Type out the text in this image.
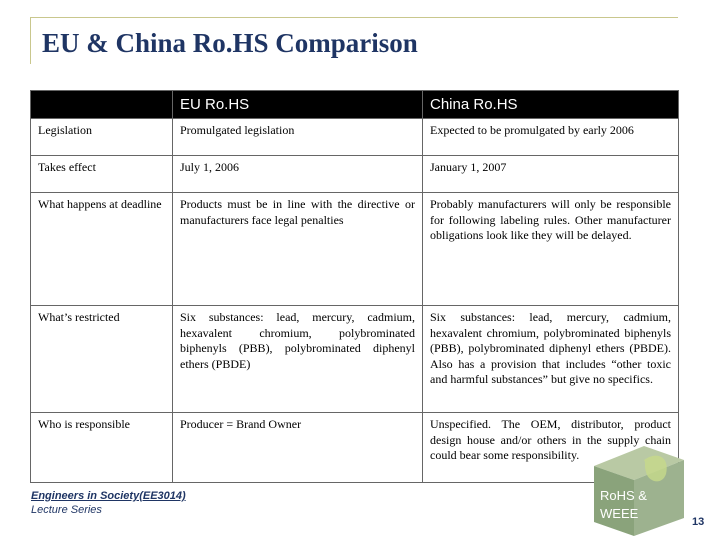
EU & China Ro.HS Comparison
	EU Ro.HS	China Ro.HS
Legislation	Promulgated legislation	Expected to be promulgated by early 2006
Takes effect	July 1, 2006	January 1, 2007
What happens at deadline	Products must be in line with the directive or manufacturers face legal penalties	Probably manufacturers will only be responsible for following labeling rules. Other manufacturer obligations look like they will be delayed.
What’s restricted	Six substances: lead, mercury, cadmium, hexavalent chromium, polybrominated biphenyls (PBB), polybrominated diphenyl ethers (PBDE)	Six substances: lead, mercury, cadmium, hexavalent chromium, polybrominated biphenyls (PBB), polybrominated diphenyl ethers (PBDE). Also has a provision that includes “other toxic and harmful substances” but give no specifics.
Who is responsible	Producer = Brand Owner	Unspecified. The OEM, distributor, product design house and/or others in the supply chain could bear some responsibility.
Engineers in Society(EE3014)
Lecture Series
RoHS &
WEEE
13
